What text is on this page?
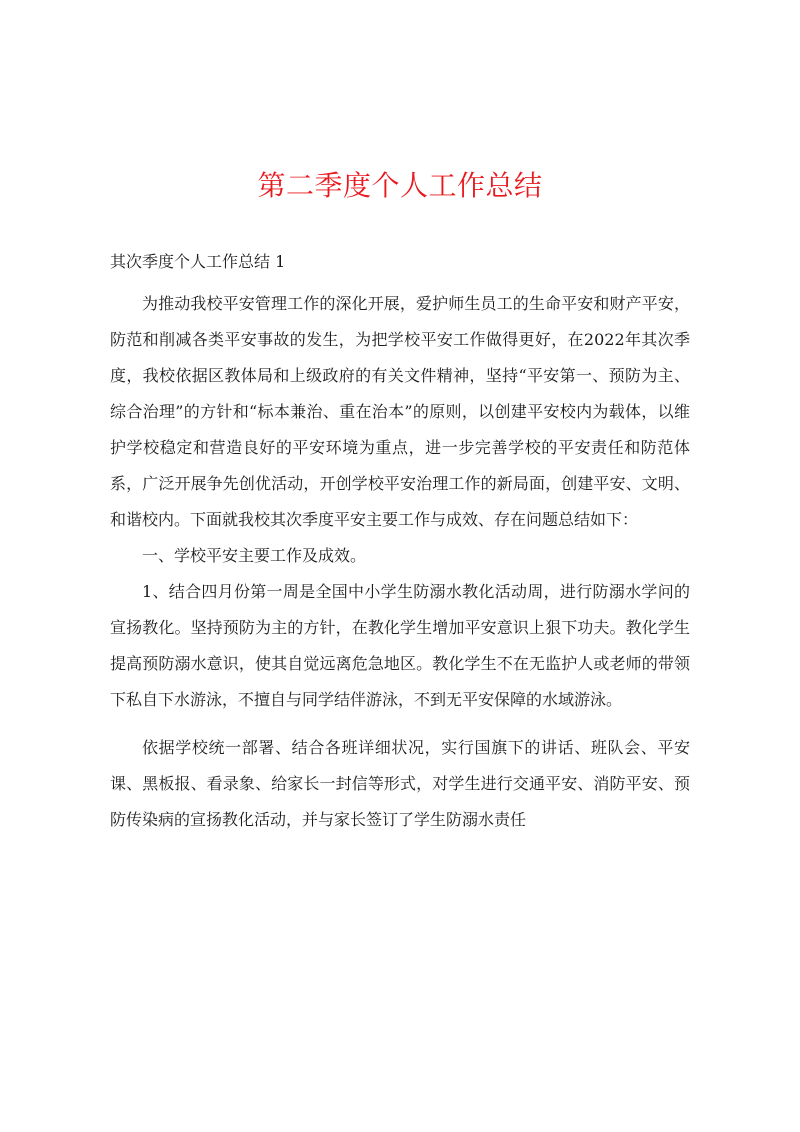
第二季度个人工作总结
其次季度个人工作总结 1

为推动我校平安管理工作的深化开展，爱护师生员工的生命平安和财产平安，防范和削减各类平安事故的发生，为把学校平安工作做得更好，在2022年其次季度，我校依据区教体局和上级政府的有关文件精神，坚持“平安第一、预防为主、综合治理”的方针和“标本兼治、重在治本”的原则，以创建平安校内为载体，以维护学校稳定和营造良好的平安环境为重点，进一步完善学校的平安责任和防范体系，广泛开展争先创优活动，开创学校平安治理工作的新局面，创建平安、文明、和谐校内。下面就我校其次季度平安主要工作与成效、存在问题总结如下：

一、学校平安主要工作及成效。

1、结合四月份第一周是全国中小学生防溺水教化活动周，进行防溺水学问的宣扬教化。坚持预防为主的方针，在教化学生增加平安意识上狠下功夫。教化学生提高预防溺水意识，使其自觉远离危急地区。教化学生不在无监护人或老师的带领下私自下水游泳，不擅自与同学结伴游泳，不到无平安保障的水域游泳。

依据学校统一部署、结合各班详细状况，实行国旗下的讲话、班队会、平安课、黑板报、看录象、给家长一封信等形式，对学生进行交通平安、消防平安、预防传染病的宣扬教化活动，并与家长签订了学生防溺水责任
